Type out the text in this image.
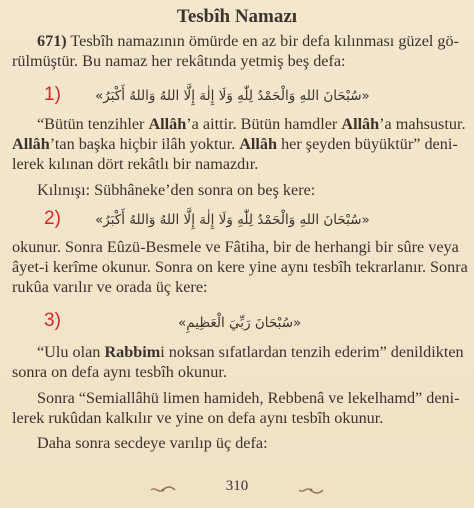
Tesbîh Namazı
671) Tesbîh namazının ömürde en az bir defa kılınması güzel gö-
rülmüştür. Bu namaz her rekâtında yetmiş beş defa:
1)	«سُبْحَانَ اللهِ وَالْحَمْدُ لِلّٰهِ وَلَا إِلٰهَ إِلَّا اللهُ وَاللهُ أَكْبَرُ»
“Bütün tenzihler Allâh’a aittir. Bütün hamdler Allâh’a mahsustur.
Allâh’tan başka hiçbir ilâh yoktur. Allâh her şeyden büyüktür” deni-
lerek kılınan dört rekâtlı bir namazdır.
Kılınışı: Sübhâneke’den sonra on beş kere:
2)	«سُبْحَانَ اللهِ وَالْحَمْدُ لِلّٰهِ وَلَا إِلٰهَ إِلَّا اللهُ وَاللهُ أَكْبَرُ»
okunur. Sonra Eûzü-Besmele ve Fâtiha, bir de herhangi bir sûre veya
âyet-i kerîme okunur. Sonra on kere yine aynı tesbîh tekrarlanır. Sonra
rukûa varılır ve orada üç kere:
3)	«سُبْحَانَ رَبِّيَ الْعَظِيمِ»
“Ulu olan Rabbimi noksan sıfatlardan tenzih ederim” denildikten
sonra on defa aynı tesbîh okunur.
Sonra “Semiallâhü limen hamideh, Rebbenâ ve lekelhamd” deni-
lerek rukûdan kalkılır ve yine on defa aynı tesbîh okunur.
Daha sonra secdeye varılıp üç defa:
310
